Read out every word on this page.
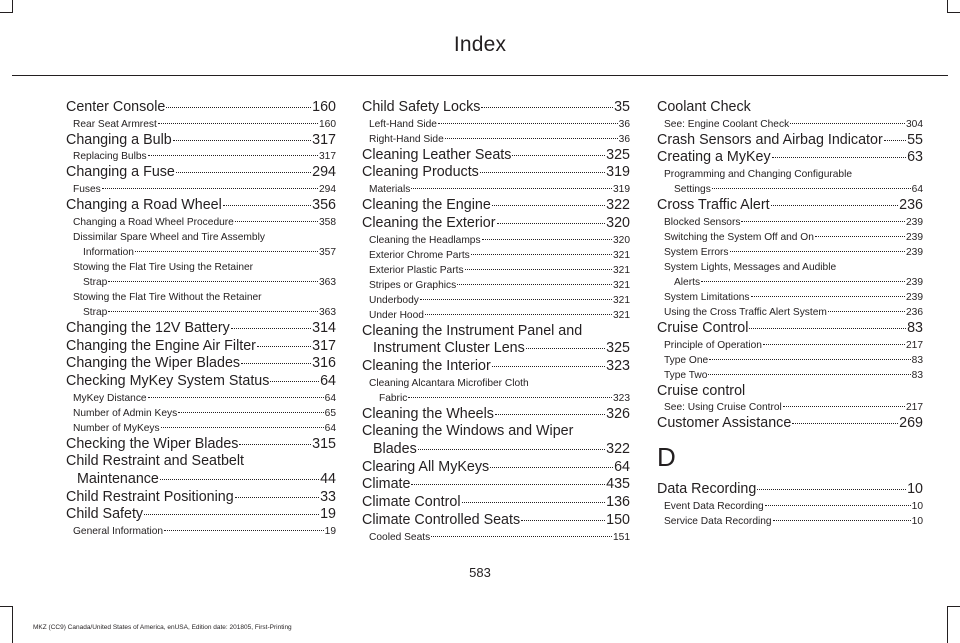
Index
Center Console	160
Rear Seat Armrest	160
Changing a Bulb	317
Replacing Bulbs	317
Changing a Fuse	294
Fuses	294
Changing a Road Wheel	356
Changing a Road Wheel Procedure	358
Dissimilar Spare Wheel and Tire Assembly
Information	357
Stowing the Flat Tire Using the Retainer
Strap	363
Stowing the Flat Tire Without the Retainer
Strap	363
Changing the 12V Battery	314
Changing the Engine Air Filter	317
Changing the Wiper Blades	316
Checking MyKey System Status	64
MyKey Distance	64
Number of Admin Keys	65
Number of MyKeys	64
Checking the Wiper Blades	315
Child Restraint and Seatbelt
Maintenance	44
Child Restraint Positioning	33
Child Safety	19
General Information	19
Child Safety Locks	35
Left-Hand Side	36
Right-Hand Side	36
Cleaning Leather Seats	325
Cleaning Products	319
Materials	319
Cleaning the Engine	322
Cleaning the Exterior	320
Cleaning the Headlamps	320
Exterior Chrome Parts	321
Exterior Plastic Parts	321
Stripes or Graphics	321
Underbody	321
Under Hood	321
Cleaning the Instrument Panel and
Instrument Cluster Lens	325
Cleaning the Interior	323
Cleaning Alcantara Microfiber Cloth
Fabric	323
Cleaning the Wheels	326
Cleaning the Windows and Wiper
Blades	322
Clearing All MyKeys	64
Climate	435
Climate Control	136
Climate Controlled Seats	150
Cooled Seats	151
Coolant Check
See: Engine Coolant Check	304
Crash Sensors and Airbag Indicator 55
Creating a MyKey	63
Programming and Changing Configurable
Settings	64
Cross Traffic Alert	236
Blocked Sensors	239
Switching the System Off and On	239
System Errors	239
System Lights, Messages and Audible
Alerts	239
System Limitations	239
Using the Cross Traffic Alert System	236
Cruise Control	83
Principle of Operation	217
Type One	83
Type Two	83
Cruise control
See: Using Cruise Control	217
Customer Assistance	269
D
Data Recording	10
Event Data Recording	10
Service Data Recording	10
583
MKZ (CC9) Canada/United States of America, enUSA, Edition date: 201805, First-Printing
